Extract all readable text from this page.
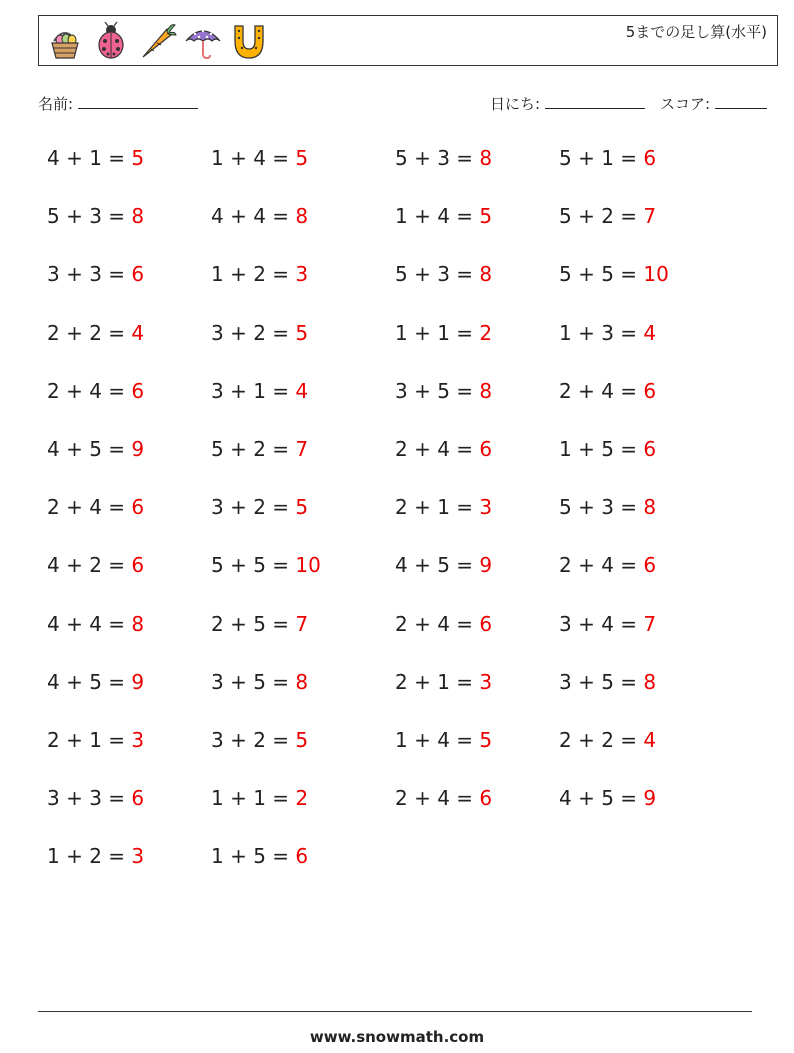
5までの足し算(水平)
名前:	日にち:	スコア:
4 + 1 = 5	1 + 4 = 5	5 + 3 = 8	5 + 1 = 6
5 + 3 = 8	4 + 4 = 8	1 + 4 = 5	5 + 2 = 7
3 + 3 = 6	1 + 2 = 3	5 + 3 = 8	5 + 5 = 10
2 + 2 = 4	3 + 2 = 5	1 + 1 = 2	1 + 3 = 4
2 + 4 = 6	3 + 1 = 4	3 + 5 = 8	2 + 4 = 6
4 + 5 = 9	5 + 2 = 7	2 + 4 = 6	1 + 5 = 6
2 + 4 = 6	3 + 2 = 5	2 + 1 = 3	5 + 3 = 8
4 + 2 = 6	5 + 5 = 10	4 + 5 = 9	2 + 4 = 6
4 + 4 = 8	2 + 5 = 7	2 + 4 = 6	3 + 4 = 7
4 + 5 = 9	3 + 5 = 8	2 + 1 = 3	3 + 5 = 8
2 + 1 = 3	3 + 2 = 5	1 + 4 = 5	2 + 2 = 4
3 + 3 = 6	1 + 1 = 2	2 + 4 = 6	4 + 5 = 9
1 + 2 = 3	1 + 5 = 6
www.snowmath.com
